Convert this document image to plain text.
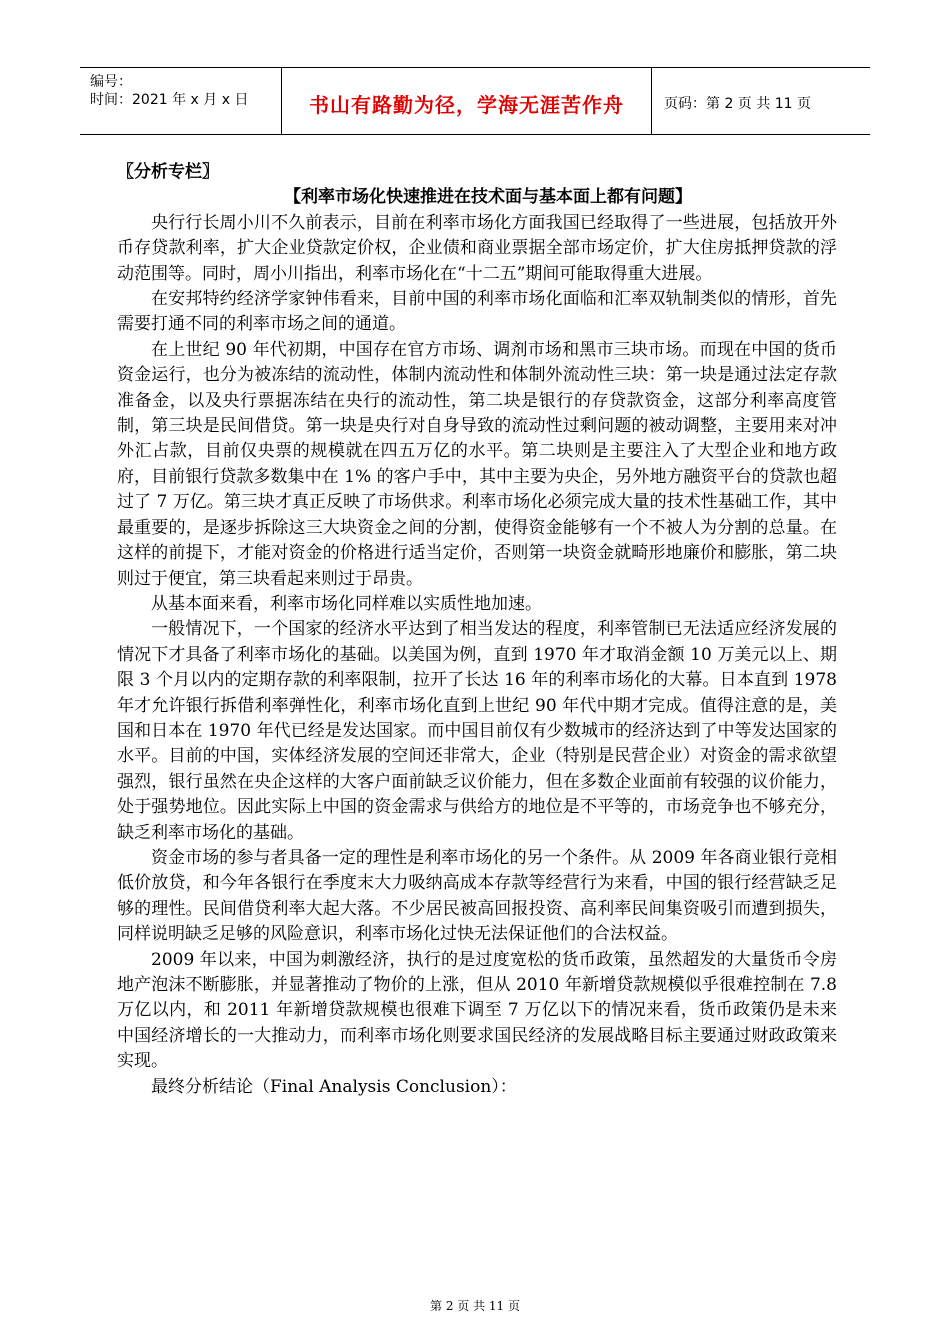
编号：
时间：2021 年 x 月 x 日	书山有路勤为径，学海无涯苦作舟	页码：第 2 页 共 11 页

〖分析专栏〗

【利率市场化快速推进在技术面与基本面上都有问题】

央行行长周小川不久前表示，目前在利率市场化方面我国已经取得了一些进展，包括放开外币存贷款利率，扩大企业贷款定价权，企业债和商业票据全部市场定价，扩大住房抵押贷款的浮动范围等。同时，周小川指出，利率市场化在“十二五”期间可能取得重大进展。

在安邦特约经济学家钟伟看来，目前中国的利率市场化面临和汇率双轨制类似的情形，首先需要打通不同的利率市场之间的通道。

在上世纪 90 年代初期，中国存在官方市场、调剂市场和黑市三块市场。而现在中国的货币资金运行，也分为被冻结的流动性，体制内流动性和体制外流动性三块：第一块是通过法定存款准备金，以及央行票据冻结在央行的流动性，第二块是银行的存贷款资金，这部分利率高度管制，第三块是民间借贷。第一块是央行对自身导致的流动性过剩问题的被动调整，主要用来对冲外汇占款，目前仅央票的规模就在四五万亿的水平。第二块则是主要注入了大型企业和地方政府，目前银行贷款多数集中在 1% 的客户手中，其中主要为央企，另外地方融资平台的贷款也超过了 7 万亿。第三块才真正反映了市场供求。利率市场化必须完成大量的技术性基础工作，其中最重要的，是逐步拆除这三大块资金之间的分割，使得资金能够有一个不被人为分割的总量。在这样的前提下，才能对资金的价格进行适当定价，否则第一块资金就畸形地廉价和膨胀，第二块则过于便宜，第三块看起来则过于昂贵。

从基本面来看，利率市场化同样难以实质性地加速。

一般情况下，一个国家的经济水平达到了相当发达的程度，利率管制已无法适应经济发展的情况下才具备了利率市场化的基础。以美国为例，直到 1970 年才取消金额 10 万美元以上、期限 3 个月以内的定期存款的利率限制，拉开了长达 16 年的利率市场化的大幕。日本直到 1978 年才允许银行拆借利率弹性化，利率市场化直到上世纪 90 年代中期才完成。值得注意的是，美国和日本在 1970 年代已经是发达国家。而中国目前仅有少数城市的经济达到了中等发达国家的水平。目前的中国，实体经济发展的空间还非常大，企业（特别是民营企业）对资金的需求欲望强烈，银行虽然在央企这样的大客户面前缺乏议价能力，但在多数企业面前有较强的议价能力，处于强势地位。因此实际上中国的资金需求与供给方的地位是不平等的，市场竞争也不够充分，缺乏利率市场化的基础。

资金市场的参与者具备一定的理性是利率市场化的另一个条件。从 2009 年各商业银行竞相低价放贷，和今年各银行在季度末大力吸纳高成本存款等经营行为来看，中国的银行经营缺乏足够的理性。民间借贷利率大起大落。不少居民被高回报投资、高利率民间集资吸引而遭到损失，同样说明缺乏足够的风险意识，利率市场化过快无法保证他们的合法权益。

2009 年以来，中国为刺激经济，执行的是过度宽松的货币政策，虽然超发的大量货币令房地产泡沫不断膨胀，并显著推动了物价的上涨，但从 2010 年新增贷款规模似乎很难控制在 7.8 万亿以内，和 2011 年新增贷款规模也很难下调至 7 万亿以下的情况来看，货币政策仍是未来中国经济增长的一大推动力，而利率市场化则要求国民经济的发展战略目标主要通过财政政策来实现。

最终分析结论（Final Analysis Conclusion）：

第 2 页 共 11 页
